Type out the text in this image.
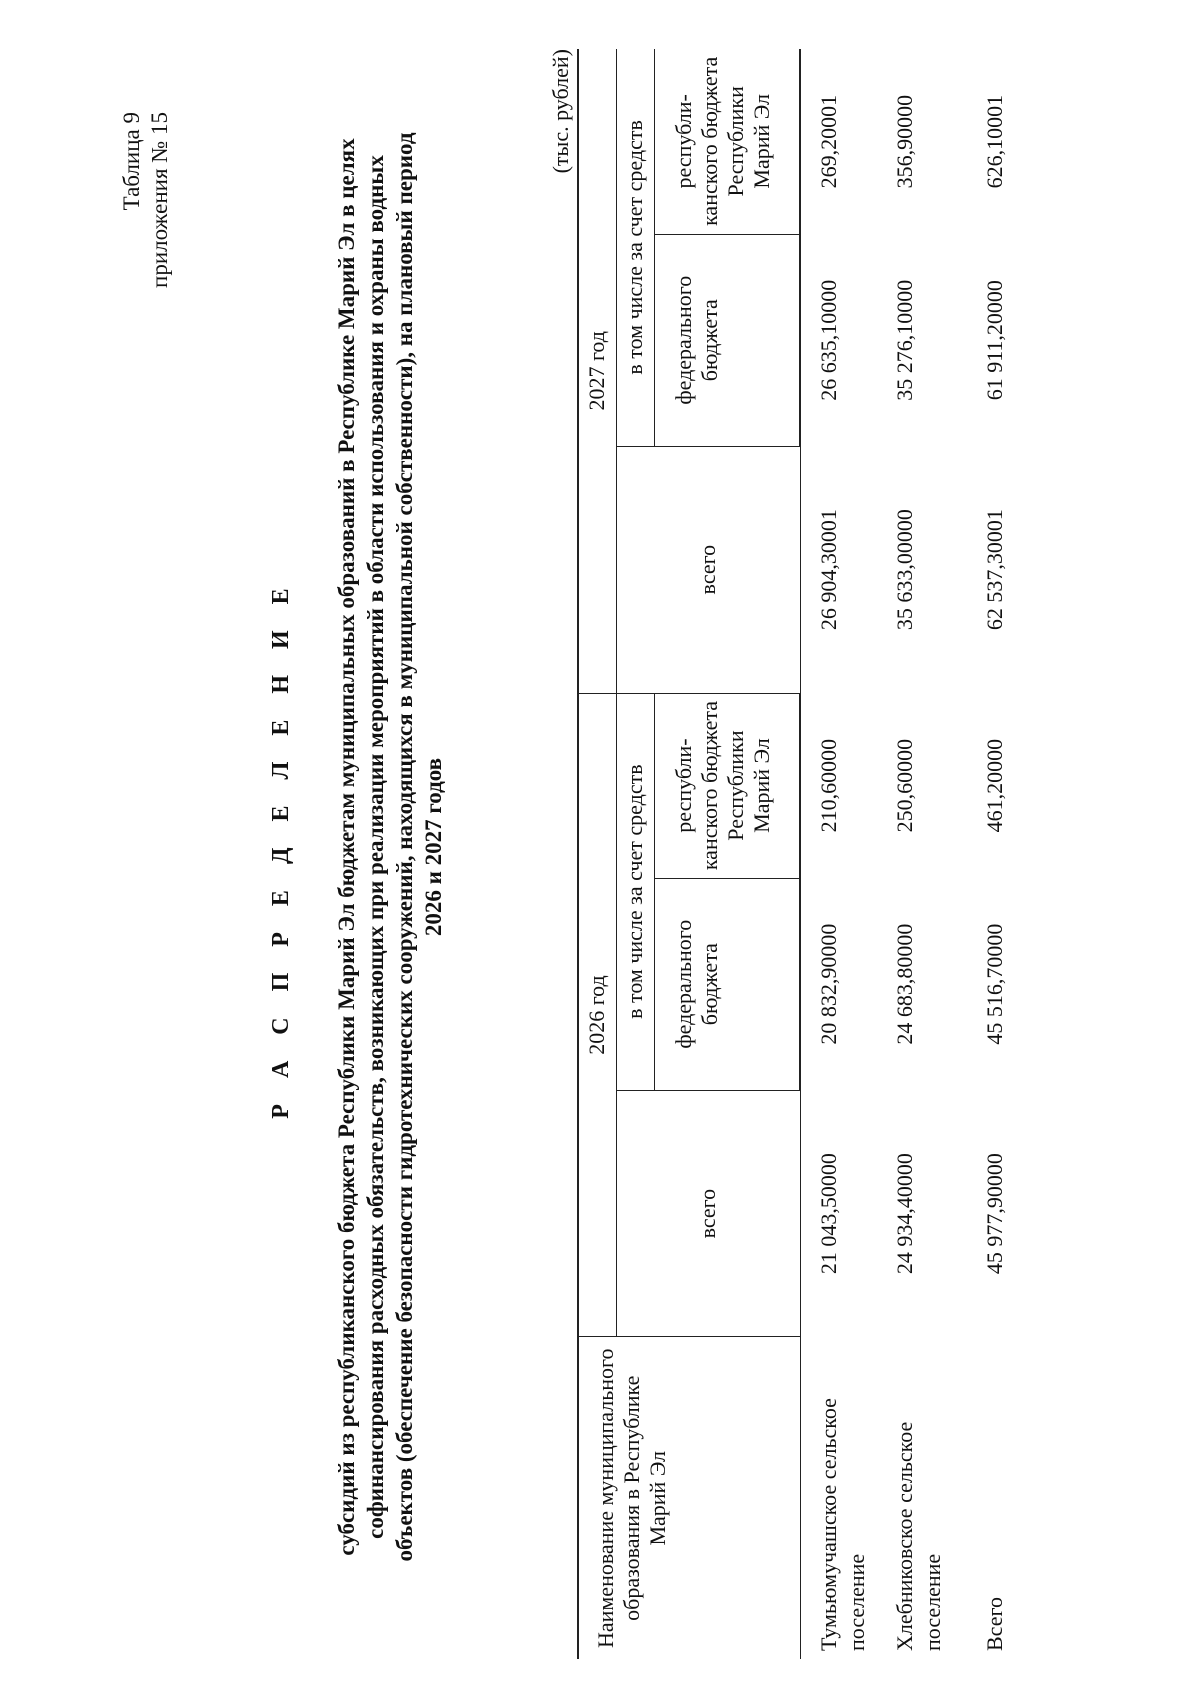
Таблица 9 приложения № 15
Р А С П Р Е Д Е Л Е Н И Е субсидий из республиканского бюджета Республики Марий Эл бюджетам муниципальных образований в Республике Марий Эл в целях софинансирования расходных обязательств, возникающих при реализации мероприятий в области использования и охраны водных объектов (обеспечение безопасности гидротехнических сооружений, находящихся в муниципальной собственности), на плановый период 2026 и 2027 годов
(тыс. рублей)
Наименование муниципального образования в Республике Марий Эл	2026 год			2027 год		
	всего	в том числе за счет средств		всего	в том числе за счет средств	
		федерального бюджета	республи-канского бюджета Республики Марий Эл		федерального бюджета	республи-канского бюджета Республики Марий Эл
Тумьюмучашское сельское поселение	21 043,50000	20 832,90000	210,60000	26 904,30001	26 635,10000	269,20001
Хлебниковское сельское поселение	24 934,40000	24 683,80000	250,60000	35 633,00000	35 276,10000	356,90000
Всего	45 977,90000	45 516,70000	461,20000	62 537,30001	61 911,20000	626,10001
